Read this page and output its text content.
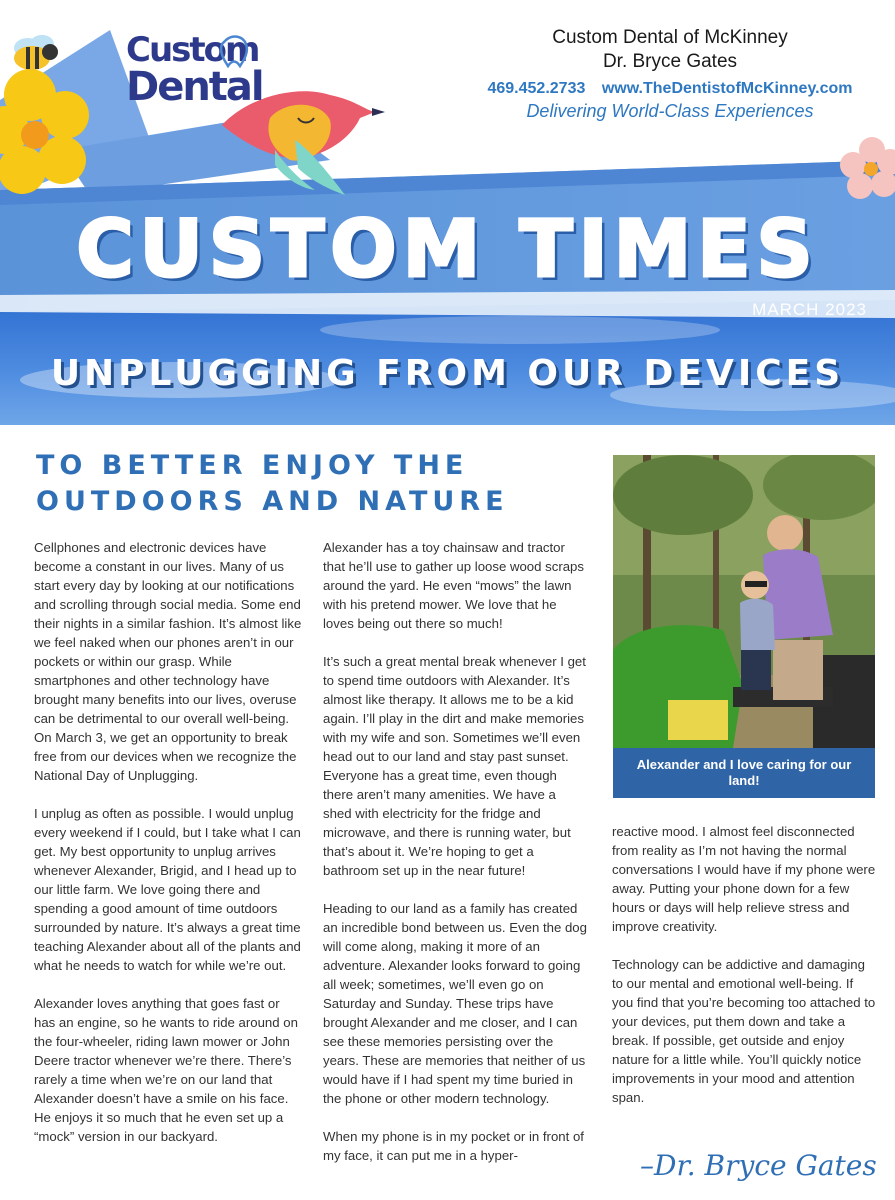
Custom
Dental
Custom Dental of McKinney
Dr. Bryce Gates
469.452.2733 www.TheDentistofMcKinney.com
Delivering World-Class Experiences
CUSTOM TIMES
MARCH 2023
UNPLUGGING FROM OUR DEVICES
TO BETTER ENJOY THE OUTDOORS AND NATURE

Cellphones and electronic devices have become a constant in our lives. Many of us start every day by looking at our notifications and scrolling through social media. Some end their nights in a similar fashion. It’s almost like we feel naked when our phones aren’t in our pockets or within our grasp. While smartphones and other technology have brought many benefits into our lives, overuse can be detrimental to our overall well-being. On March 3, we get an opportunity to break free from our devices when we recognize the National Day of Unplugging.

I unplug as often as possible. I would unplug every weekend if I could, but I take what I can get. My best opportunity to unplug arrives whenever Alexander, Brigid, and I head up to our little farm. We love going there and spending a good amount of time outdoors surrounded by nature. It’s always a great time teaching Alexander about all of the plants and what he needs to watch for while we’re out.

Alexander loves anything that goes fast or has an engine, so he wants to ride around on the four-wheeler, riding lawn mower or John Deere tractor whenever we’re there. There’s rarely a time when we’re on our land that Alexander doesn’t have a smile on his face. He enjoys it so much that he even set up a “mock” version in our backyard.

Alexander has a toy chainsaw and tractor that he’ll use to gather up loose wood scraps around the yard. He even “mows” the lawn with his pretend mower. We love that he loves being out there so much!

It’s such a great mental break whenever I get to spend time outdoors with Alexander. It’s almost like therapy. It allows me to be a kid again. I’ll play in the dirt and make memories with my wife and son. Sometimes we’ll even head out to our land and stay past sunset. Everyone has a great time, even though there aren’t many amenities. We have a shed with electricity for the fridge and microwave, and there is running water, but that’s about it. We’re hoping to get a bathroom set up in the near future!

Heading to our land as a family has created an incredible bond between us. Even the dog will come along, making it more of an adventure. Alexander looks forward to going all week; sometimes, we’ll even go on Saturday and Sunday. These trips have brought Alexander and me closer, and I can see these memories persisting over the years. These are memories that neither of us would have if I had spent my time buried in the phone or other modern technology.

When my phone is in my pocket or in front of my face, it can put me in a hyper-

Alexander and I love caring for our land!

reactive mood. I almost feel disconnected from reality as I’m not having the normal conversations I would have if my phone were away. Putting your phone down for a few hours or days will help relieve stress and improve creativity.

Technology can be addictive and damaging to our mental and emotional well-being. If you find that you’re becoming too attached to your devices, put them down and take a break. If possible, get outside and enjoy nature for a little while. You’ll quickly notice improvements in your mood and attention span.

–Dr. Bryce Gates
